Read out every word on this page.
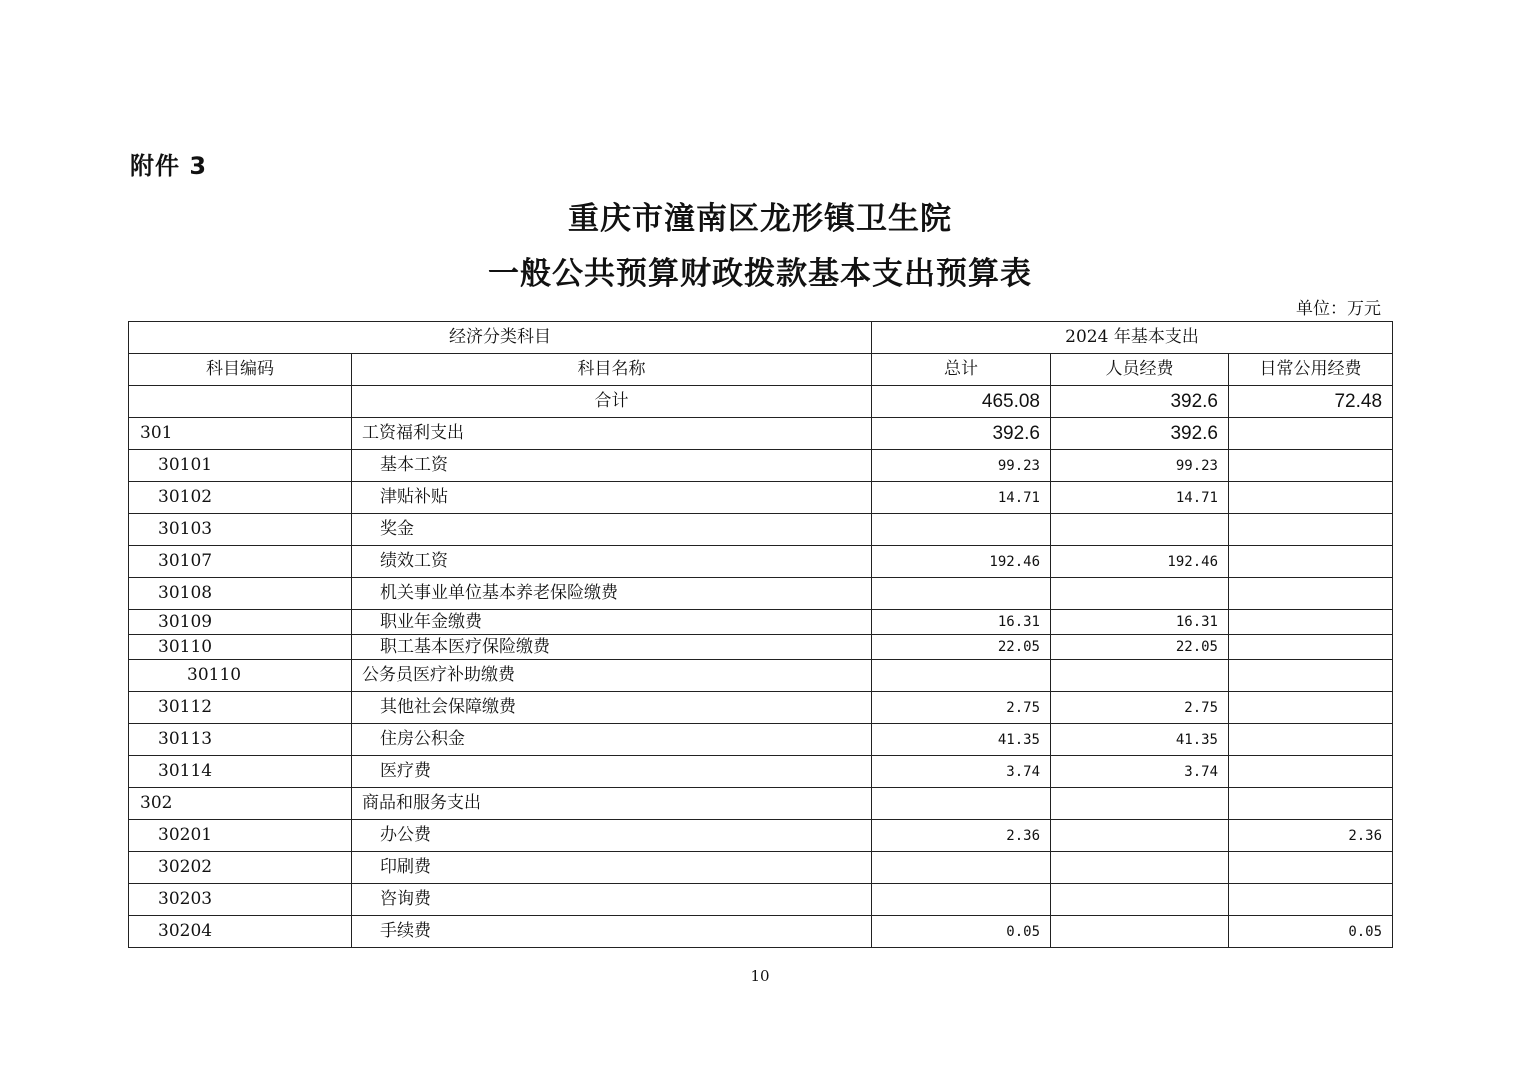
附件 3
重庆市潼南区龙形镇卫生院
一般公共预算财政拨款基本支出预算表
单位：万元
经济分类科目		2024 年基本支出		
科目编码	科目名称	总计	人员经费	日常公用经费
	合计	465.08	392.6	72.48
301	工资福利支出	392.6	392.6	
30101	基本工资	99.23	99.23	
30102	津贴补贴	14.71	14.71	
30103	奖金			
30107	绩效工资	192.46	192.46	
30108	机关事业单位基本养老保险缴费			
30109	职业年金缴费	16.31	16.31	
30110	职工基本医疗保险缴费	22.05	22.05	
30110	公务员医疗补助缴费			
30112	其他社会保障缴费	2.75	2.75	
30113	住房公积金	41.35	41.35	
30114	医疗费	3.74	3.74	
302	商品和服务支出			
30201	办公费	2.36		2.36
30202	印刷费			
30203	咨询费			
30204	手续费	0.05		0.05
10
